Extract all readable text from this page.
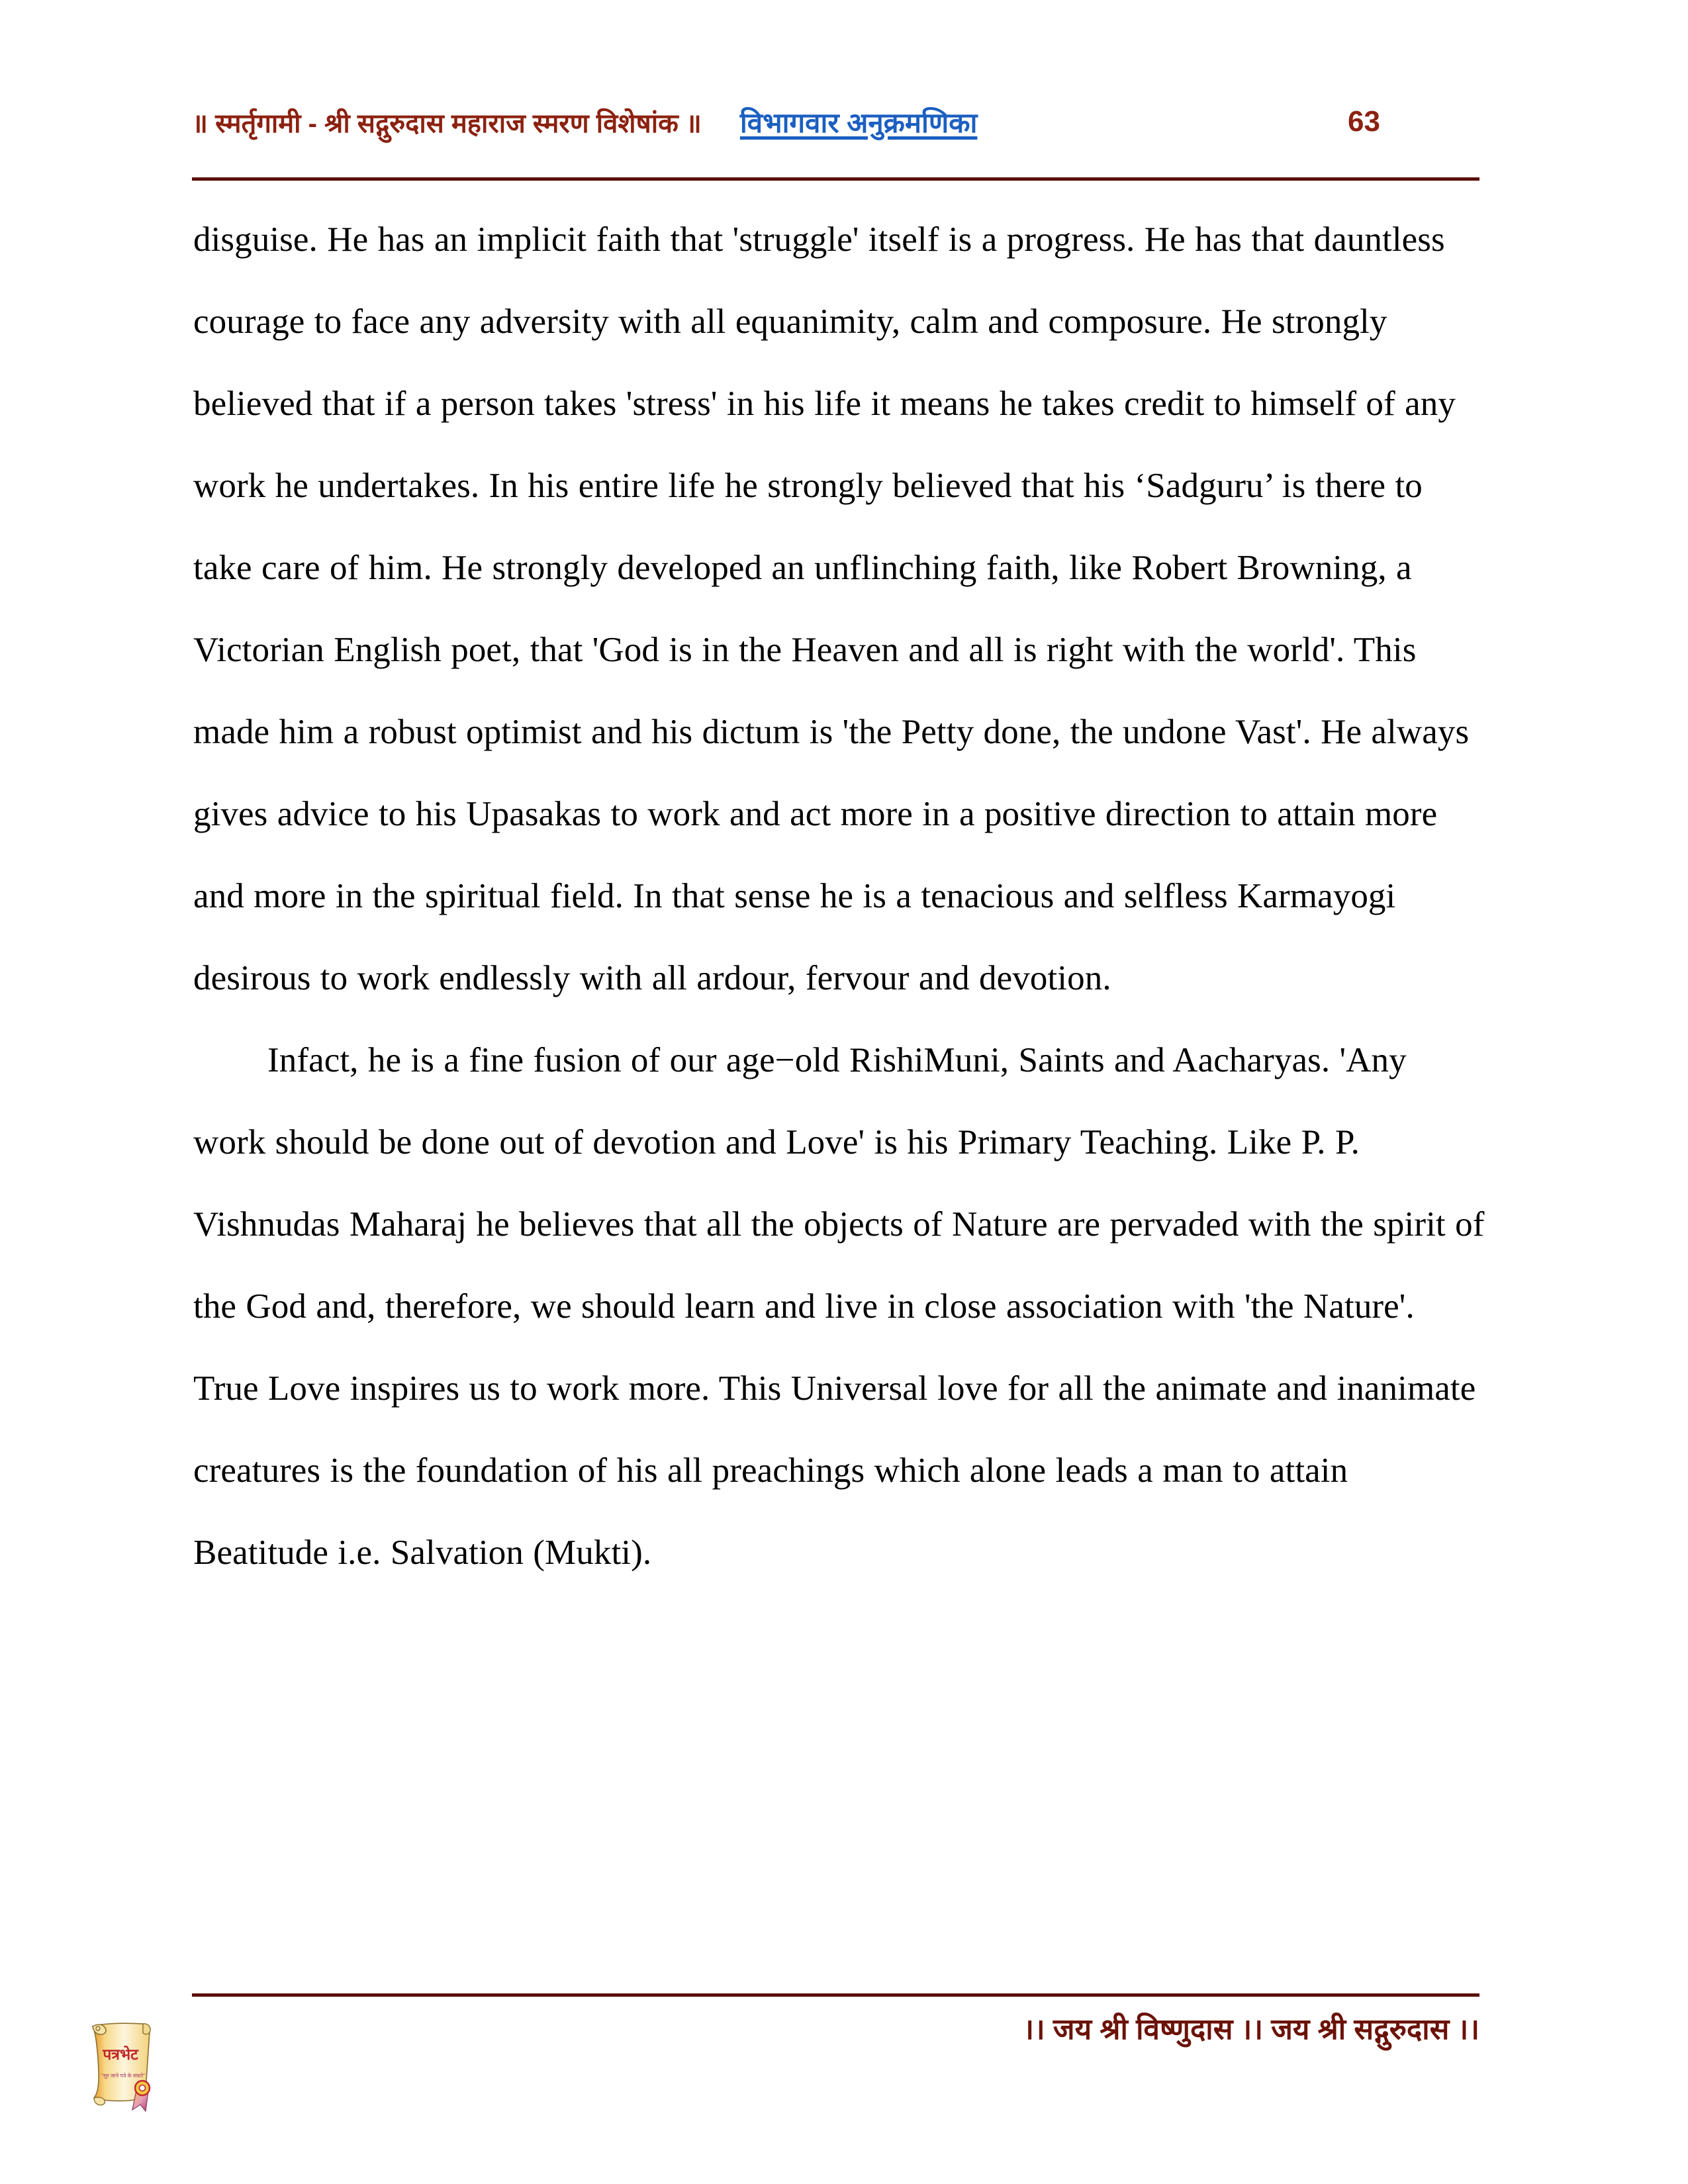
॥ स्मर्तृगामी - श्री सद्गुरुदास महाराज स्मरण विशेषांक ॥ विभागवार अनुक्रमणिका	63

disguise. He has an implicit faith that 'struggle' itself is a progress. He has that dauntless courage to face any adversity with all equanimity, calm and composure. He strongly believed that if a person takes 'stress' in his life it means he takes credit to himself of any work he undertakes. In his entire life he strongly believed that his ‘Sadguru’ is there to take care of him. He strongly developed an unflinching faith, like Robert Browning, a Victorian English poet, that 'God is in the Heaven and all is right with the world'. This made him a robust optimist and his dictum is 'the Petty done, the undone Vast'. He always gives advice to his Upasakas to work and act more in a positive direction to attain more and more in the spiritual field. In that sense he is a tenacious and selfless Karmayogi desirous to work endlessly with all ardour, fervour and devotion.

Infact, he is a fine fusion of our age−old RishiMuni, Saints and Aacharyas. 'Any work should be done out of devotion and Love' is his Primary Teaching. Like P. P. Vishnudas Maharaj he believes that all the objects of Nature are pervaded with the spirit of the God and, therefore, we should learn and live in close association with 'the Nature'. True Love inspires us to work more. This Universal love for all the animate and inanimate creatures is the foundation of his all preachings which alone leads a man to attain Beatitude i.e. Salvation (Mukti).

।। जय श्री विष्णुदास ।। जय श्री सद्गुरुदास ।।
पत्रभेट
"सूर जाने पत्रे के संवारे"
